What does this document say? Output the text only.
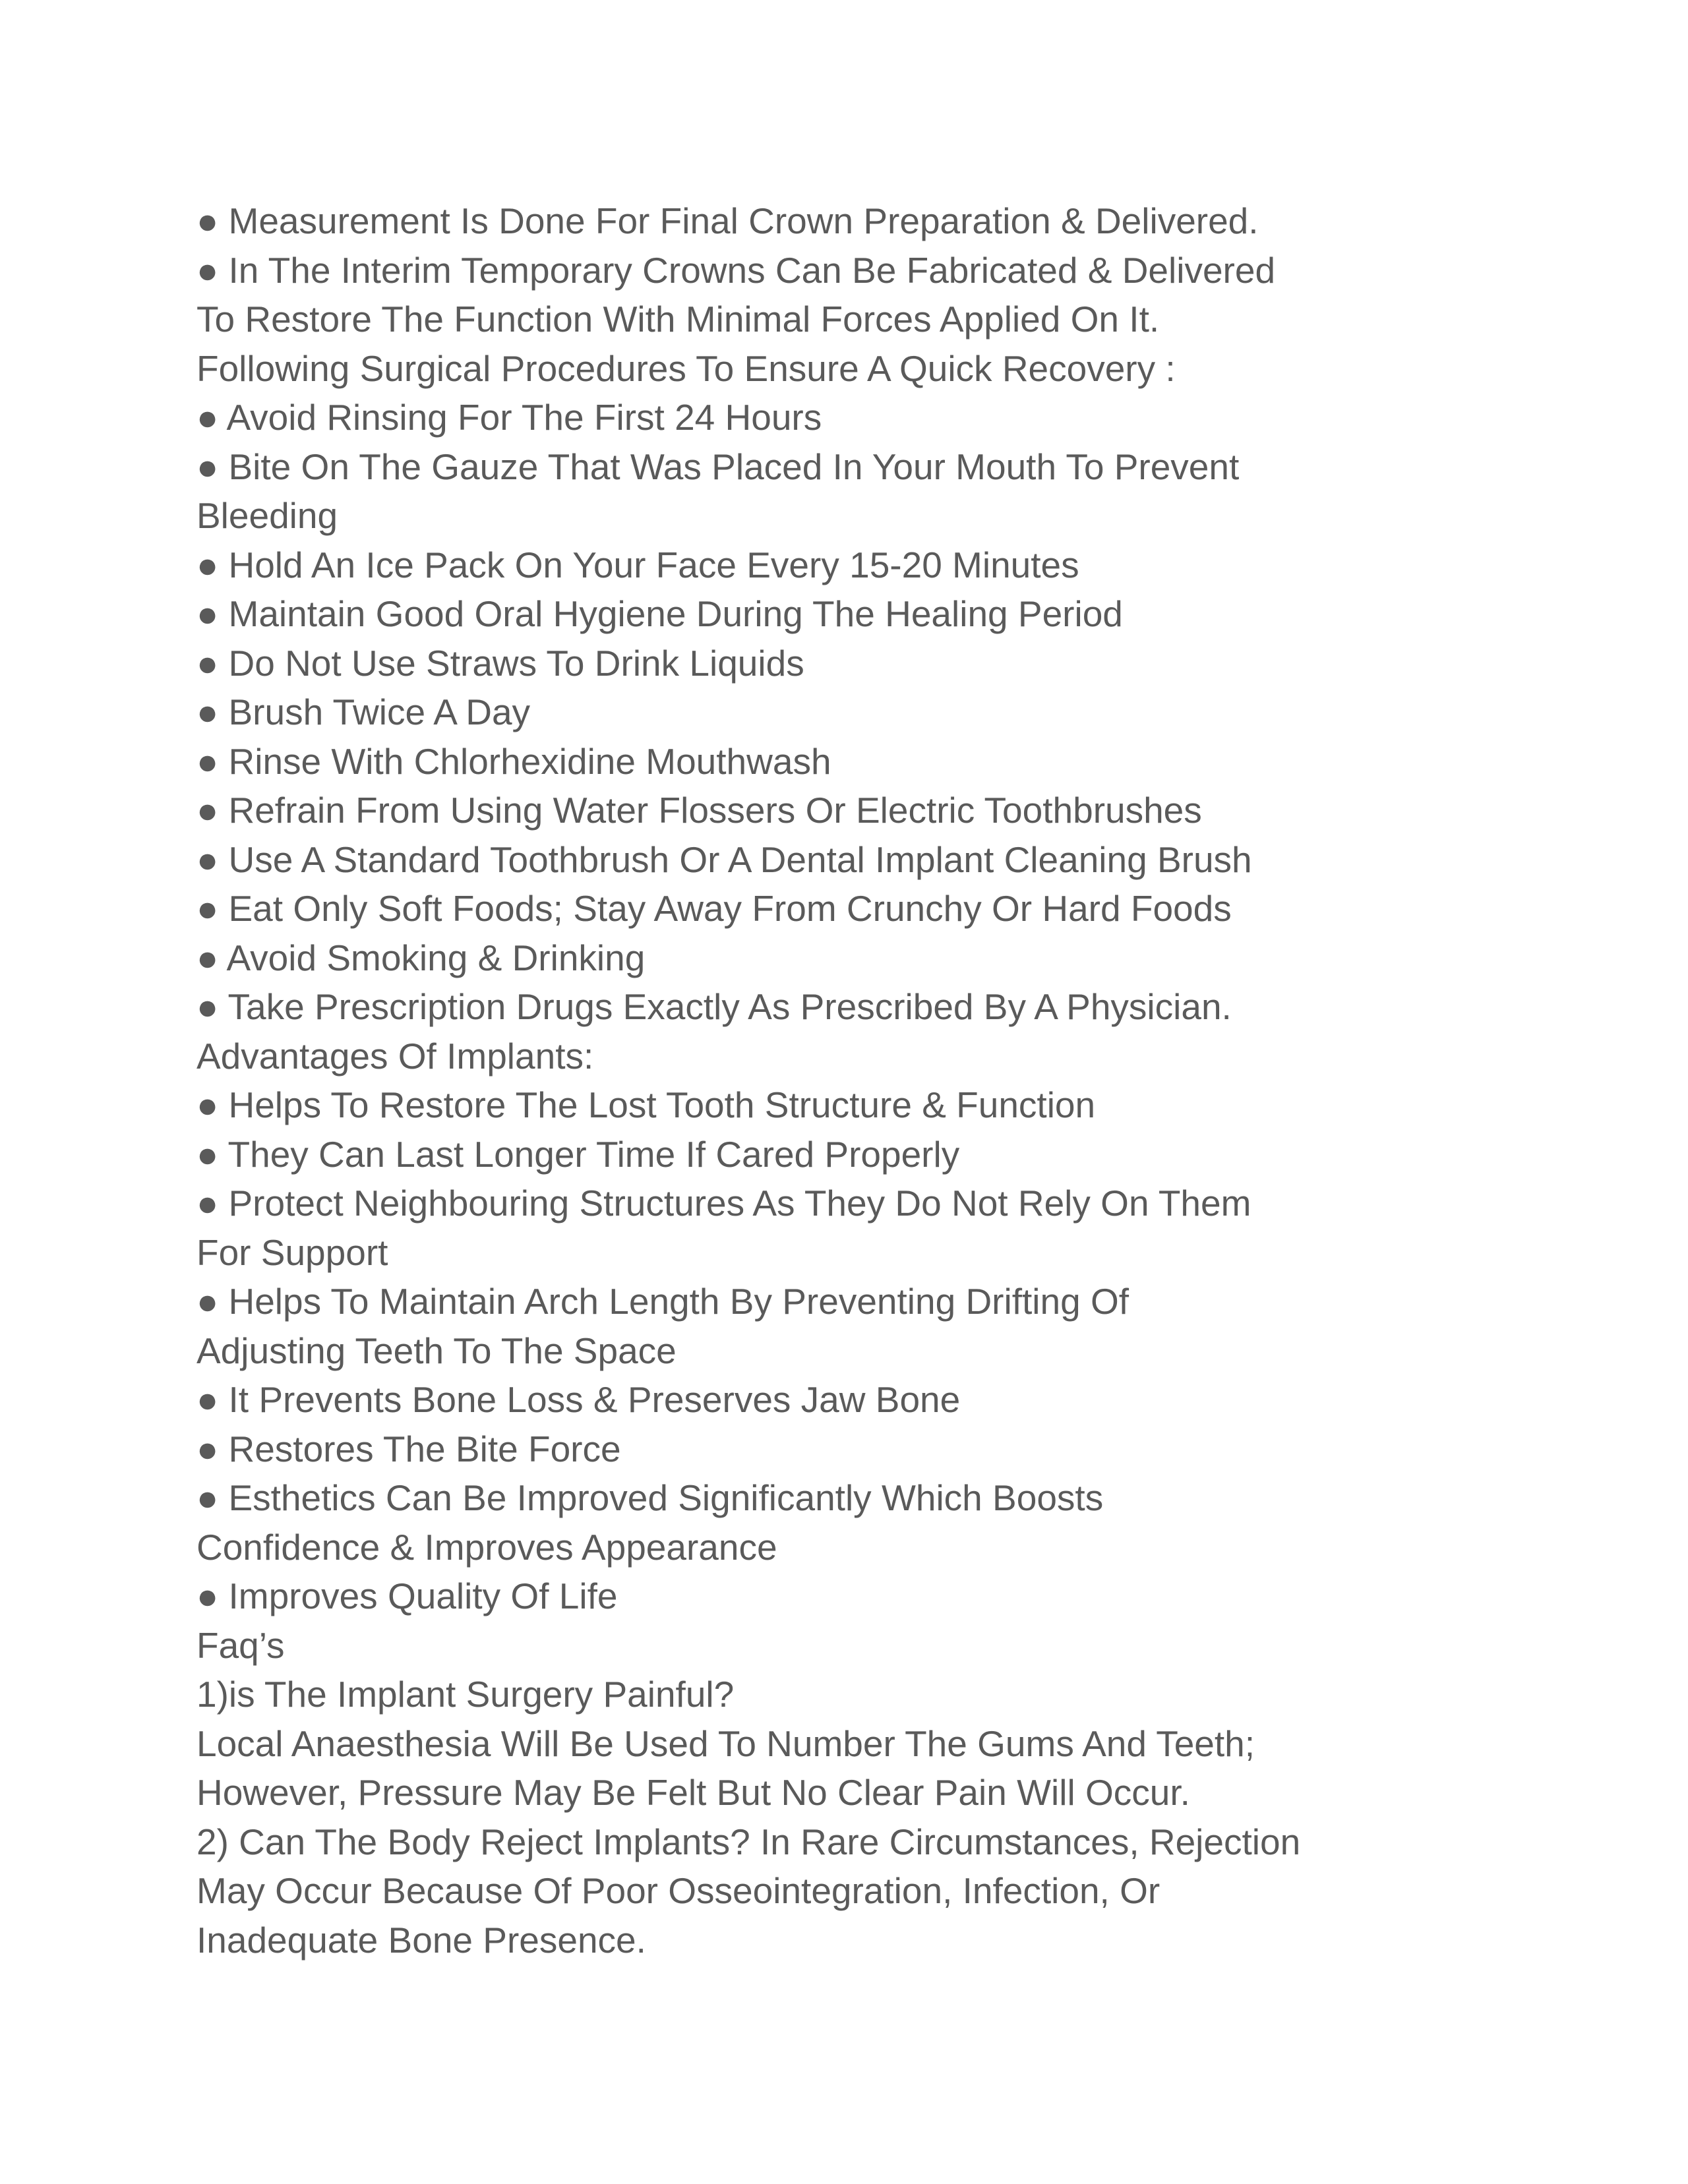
● Measurement Is Done For Final Crown Preparation & Delivered.
● In The Interim Temporary Crowns Can Be Fabricated & Delivered
To Restore The Function With Minimal Forces Applied On It.
Following Surgical Procedures To Ensure A Quick Recovery :
● Avoid Rinsing For The First 24 Hours
● Bite On The Gauze That Was Placed In Your Mouth To Prevent
Bleeding
● Hold An Ice Pack On Your Face Every 15-20 Minutes
● Maintain Good Oral Hygiene During The Healing Period
● Do Not Use Straws To Drink Liquids
● Brush Twice A Day
● Rinse With Chlorhexidine Mouthwash
● Refrain From Using Water Flossers Or Electric Toothbrushes
● Use A Standard Toothbrush Or A Dental Implant Cleaning Brush
● Eat Only Soft Foods; Stay Away From Crunchy Or Hard Foods
● Avoid Smoking & Drinking
● Take Prescription Drugs Exactly As Prescribed By A Physician.
Advantages Of Implants:
● Helps To Restore The Lost Tooth Structure & Function
● They Can Last Longer Time If Cared Properly
● Protect Neighbouring Structures As They Do Not Rely On Them
For Support
● Helps To Maintain Arch Length By Preventing Drifting Of
Adjusting Teeth To The Space
● It Prevents Bone Loss & Preserves Jaw Bone
● Restores The Bite Force
● Esthetics Can Be Improved Significantly Which Boosts
Confidence & Improves Appearance
● Improves Quality Of Life
Faq’s
1)is The Implant Surgery Painful?
Local Anaesthesia Will Be Used To Number The Gums And Teeth;
However, Pressure May Be Felt But No Clear Pain Will Occur.
2) Can The Body Reject Implants? In Rare Circumstances, Rejection
May Occur Because Of Poor Osseointegration, Infection, Or
Inadequate Bone Presence.
